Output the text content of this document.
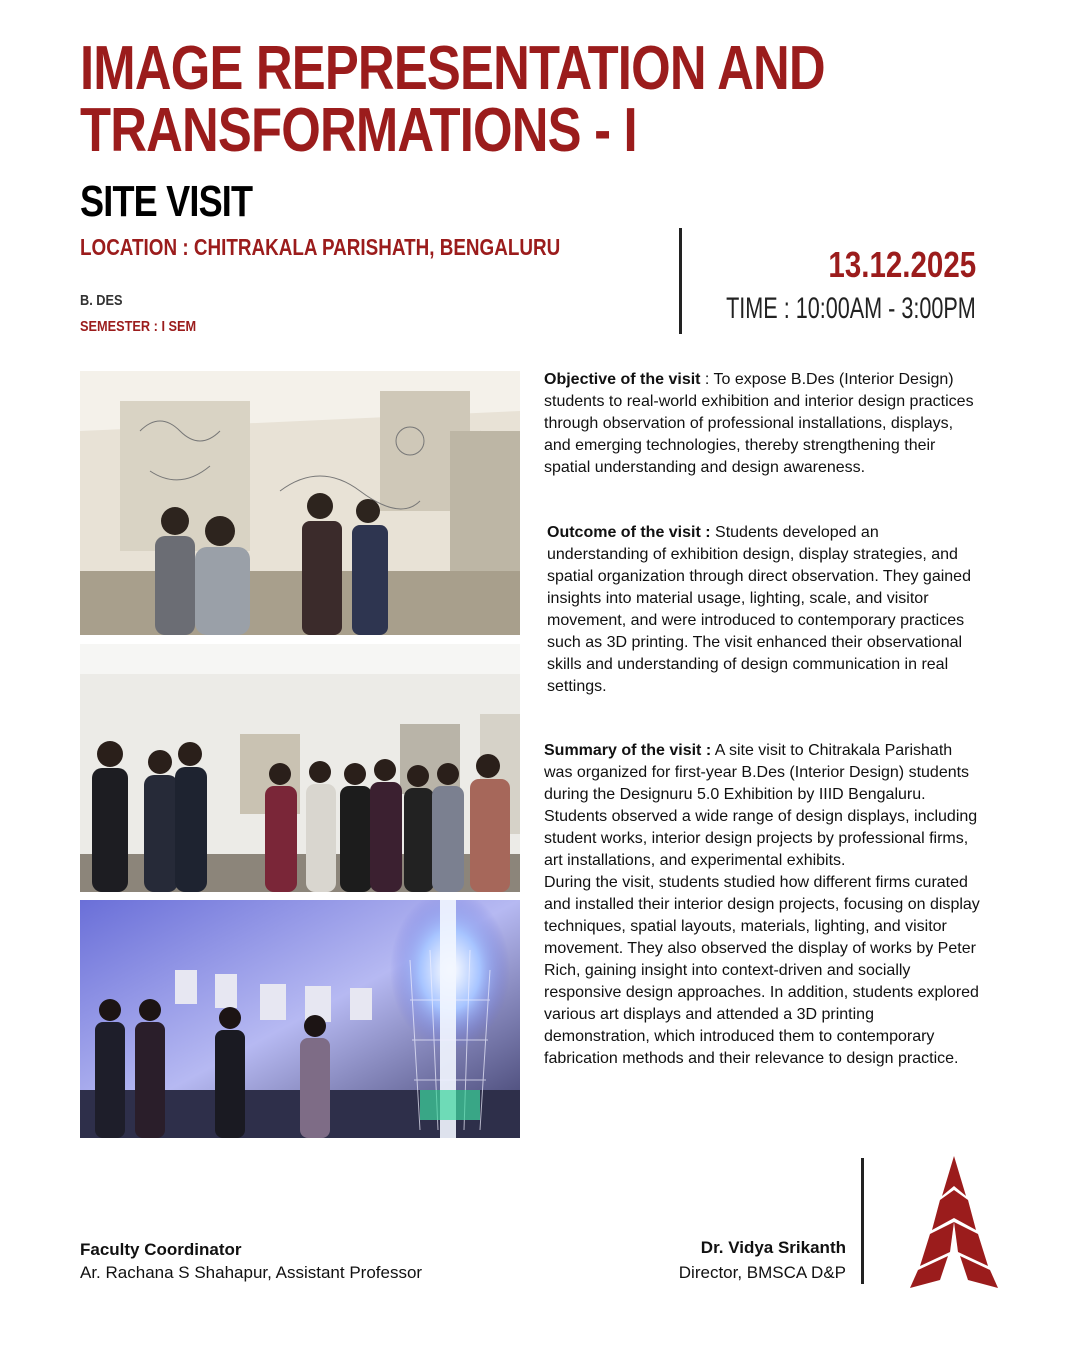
IMAGE REPRESENTATION AND
TRANSFORMATIONS - I
SITE VISIT
LOCATION : CHITRAKALA PARISHATH, BENGALURU
B. DES
SEMESTER : I SEM
13.12.2025
TIME : 10:00AM - 3:00PM
Objective of the visit : To expose B.Des (Interior Design) students to real-world exhibition and interior design practices through observation of professional installations, displays, and emerging technologies, thereby strengthening their spatial understanding and design awareness.
Outcome of the visit : Students developed an understanding of exhibition design, display strategies, and spatial organization through direct observation. They gained insights into material usage, lighting, scale, and visitor movement, and were introduced to contemporary practices such as 3D printing. The visit enhanced their observational skills and understanding of design communication in real settings.
Summary of the visit : A site visit to Chitrakala Parishath was organized for first-year B.Des (Interior Design) students during the Designuru 5.0 Exhibition by IIID Bengaluru. Students observed a wide range of design displays, including student works, interior design projects by professional firms, art installations, and experimental exhibits.
During the visit, students studied how different firms curated and installed their interior design projects, focusing on display techniques, spatial layouts, materials, lighting, and visitor movement. They also observed the display of works by Peter Rich, gaining insight into context-driven and socially responsive design approaches. In addition, students explored various art displays and attended a 3D printing demonstration, which introduced them to contemporary fabrication methods and their relevance to design practice.
Faculty Coordinator
Ar. Rachana S Shahapur, Assistant Professor
Dr. Vidya Srikanth
Director, BMSCA D&P
